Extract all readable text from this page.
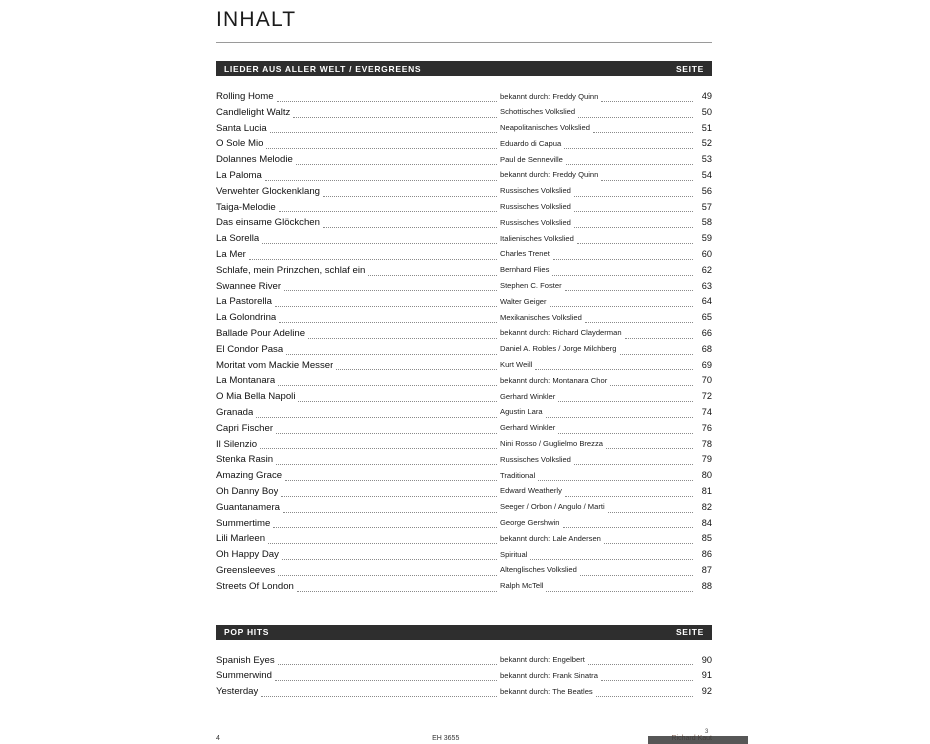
INHALT
LIEDER AUS ALLER WELT / EVERGREENS	SEITE
Rolling Home	bekannt durch: Freddy Quinn	49
Candlelight Waltz	Schottisches Volkslied	50
Santa Lucia	Neapolitanisches Volkslied	51
O Sole Mio	Eduardo di Capua	52
Dolannes Melodie	Paul de Senneville	53
La Paloma	bekannt durch: Freddy Quinn	54
Verwehter Glockenklang	Russisches Volkslied	56
Taiga-Melodie	Russisches Volkslied	57
Das einsame Glöckchen	Russisches Volkslied	58
La Sorella	Italienisches Volkslied	59
La Mer	Charles Trenet	60
Schlafe, mein Prinzchen, schlaf ein	Bernhard Flies	62
Swannee River	Stephen C. Foster	63
La Pastorella	Walter Geiger	64
La Golondrina	Mexikanisches Volkslied	65
Ballade Pour Adeline	bekannt durch: Richard Clayderman	66
El Condor Pasa	Daniel A. Robles / Jorge Milchberg	68
Moritat vom Mackie Messer	Kurt Weill	69
La Montanara	bekannt durch: Montanara Chor	70
O Mia Bella Napoli	Gerhard Winkler	72
Granada	Agustin Lara	74
Capri Fischer	Gerhard Winkler	76
Il Silenzio	Nini Rosso / Guglielmo Brezza	78
Stenka Rasin	Russisches Volkslied	79
Amazing Grace	Traditional	80
Oh Danny Boy	Edward Weatherly	81
Guantanamera	Seeger / Orbon / Angulo / Marti	82
Summertime	George Gershwin	84
Lili Marleen	bekannt durch: Lale Andersen	85
Oh Happy Day	Spiritual	86
Greensleeves	Altenglisches Volkslied	87
Streets Of London	Ralph McTell	88
POP HITS	SEITE
Spanish Eyes	bekannt durch: Engelbert	90
Summerwind	bekannt durch: Frank Sinatra	91
Yesterday	bekannt durch: The Beatles	92
4	EH 3655
3
